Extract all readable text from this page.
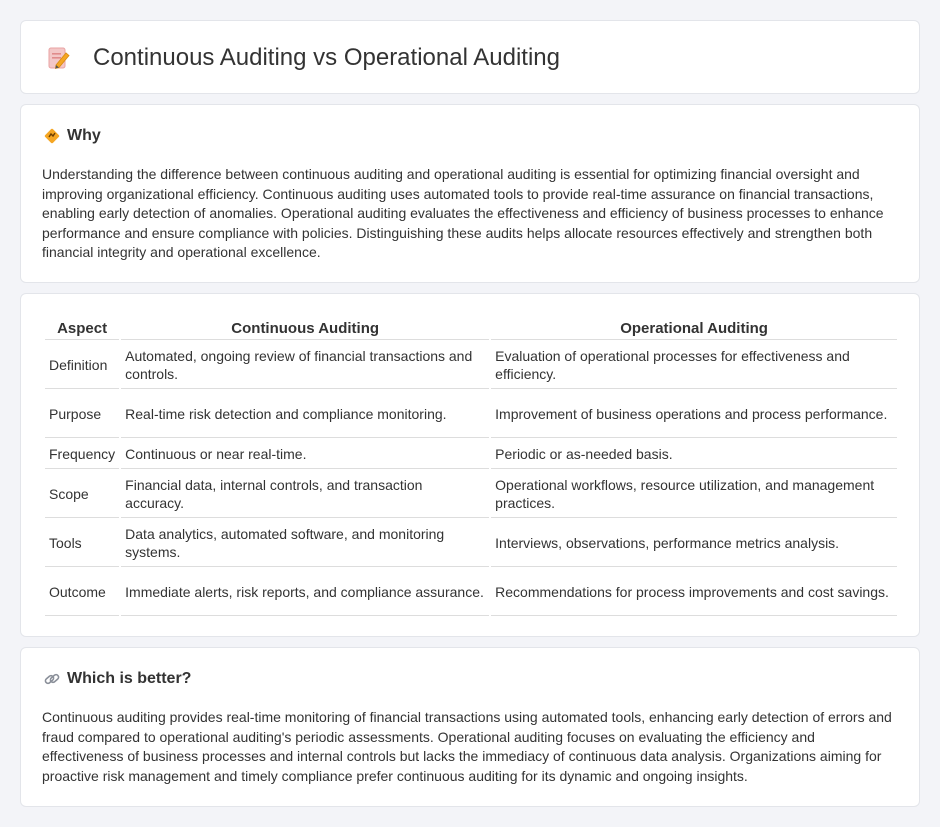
Continuous Auditing vs Operational Auditing
Why

Understanding the difference between continuous auditing and operational auditing is essential for optimizing financial oversight and improving organizational efficiency. Continuous auditing uses automated tools to provide real-time assurance on financial transactions, enabling early detection of anomalies. Operational auditing evaluates the effectiveness and efficiency of business processes to enhance performance and ensure compliance with policies. Distinguishing these audits helps allocate resources effectively and strengthen both financial integrity and operational excellence.

Aspect	Continuous Auditing	Operational Auditing
Definition	Automated, ongoing review of financial transactions and controls.	Evaluation of operational processes for effectiveness and efficiency.
Purpose	Real-time risk detection and compliance monitoring.	Improvement of business operations and process performance.
Frequency	Continuous or near real-time.	Periodic or as-needed basis.
Scope	Financial data, internal controls, and transaction accuracy.	Operational workflows, resource utilization, and management practices.
Tools	Data analytics, automated software, and monitoring systems.	Interviews, observations, performance metrics analysis.
Outcome	Immediate alerts, risk reports, and compliance assurance.	Recommendations for process improvements and cost savings.
Which is better?

Continuous auditing provides real-time monitoring of financial transactions using automated tools, enhancing early detection of errors and fraud compared to operational auditing's periodic assessments. Operational auditing focuses on evaluating the efficiency and effectiveness of business processes and internal controls but lacks the immediacy of continuous data analysis. Organizations aiming for proactive risk management and timely compliance prefer continuous auditing for its dynamic and ongoing insights.
